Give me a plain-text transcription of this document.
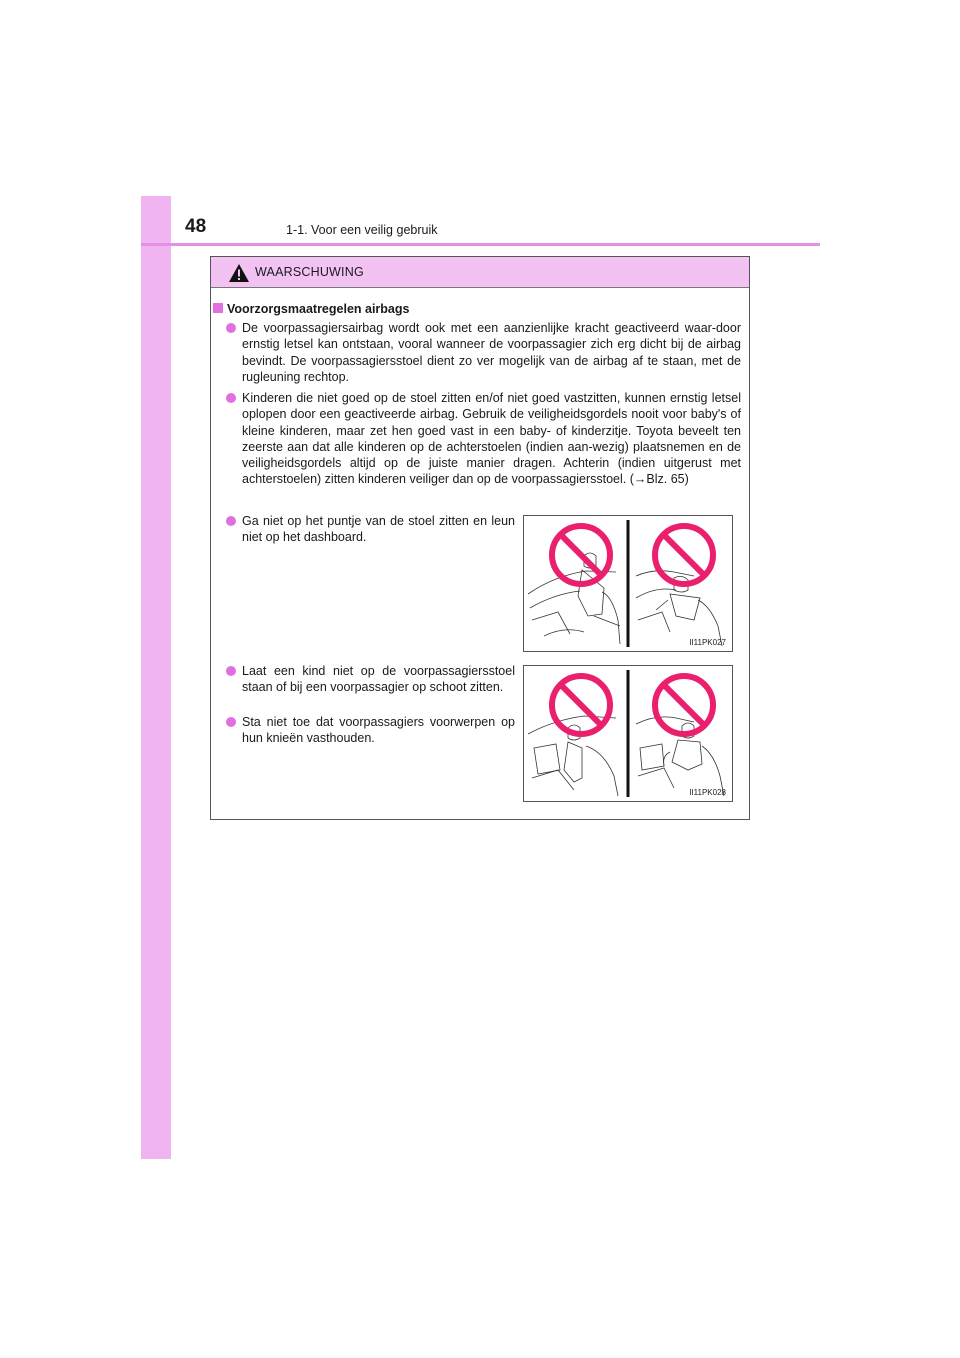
48	1-1. Voor een veilig gebruik
WAARSCHUWING
Voorzorgsmaatregelen airbags
De voorpassagiersairbag wordt ook met een aanzienlijke kracht geactiveerd waar-door ernstig letsel kan ontstaan, vooral wanneer de voorpassagier zich erg dicht bij de airbag bevindt. De voorpassagiersstoel dient zo ver mogelijk van de airbag af te staan, met de rugleuning rechtop.
Kinderen die niet goed op de stoel zitten en/of niet goed vastzitten, kunnen ernstig letsel oplopen door een geactiveerde airbag. Gebruik de veiligheidsgordels nooit voor baby's of kleine kinderen, maar zet hen goed vast in een baby- of kinderzitje. Toyota beveelt ten zeerste aan dat alle kinderen op de achterstoelen (indien aan-wezig) plaatsnemen en de veiligheidsgordels altijd op de juiste manier dragen. Achterin (indien uitgerust met achterstoelen) zitten kinderen veiliger dan op de voorpassagiersstoel. (→Blz. 65)
Ga niet op het puntje van de stoel zitten en leun niet op het dashboard.
Laat een kind niet op de voorpassagiersstoel staan of bij een voorpassagier op schoot zitten.
Sta niet toe dat voorpassagiers voorwerpen op hun knieën vasthouden.
II11PK027
II11PK028
